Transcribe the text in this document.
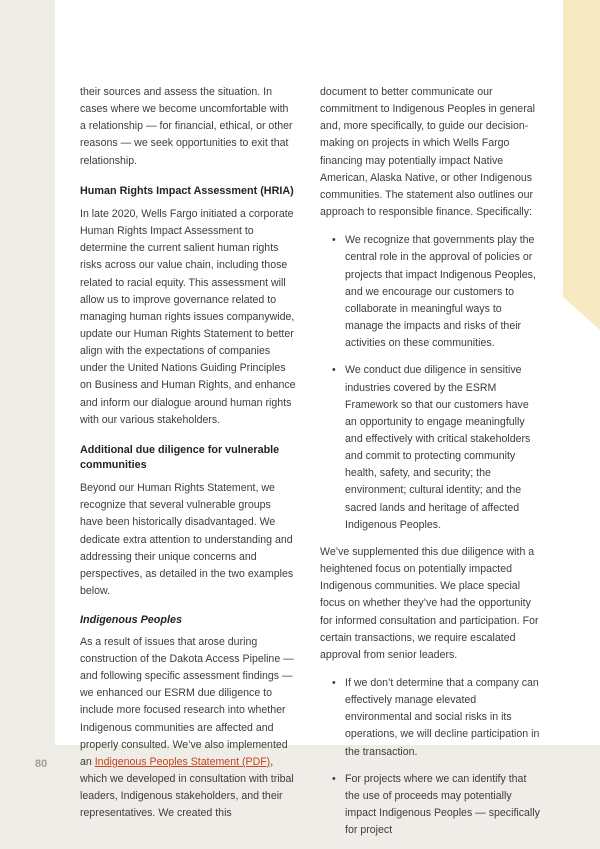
their sources and assess the situation. In cases where we become uncomfortable with a relationship — for financial, ethical, or other reasons — we seek opportunities to exit that relationship.

Human Rights Impact Assessment (HRIA)

In late 2020, Wells Fargo initiated a corporate Human Rights Impact Assessment to determine the current salient human rights risks across our value chain, including those related to racial equity. This assessment will allow us to improve governance related to managing human rights issues companywide, update our Human Rights Statement to better align with the expectations of companies under the United Nations Guiding Principles on Business and Human Rights, and enhance and inform our dialogue around human rights with our various stakeholders.

Additional due diligence for vulnerable communities

Beyond our Human Rights Statement, we recognize that several vulnerable groups have been historically disadvantaged. We dedicate extra attention to understanding and addressing their unique concerns and perspectives, as detailed in the two examples below.

Indigenous Peoples

As a result of issues that arose during construction of the Dakota Access Pipeline — and following specific assessment findings — we enhanced our ESRM due diligence to include more focused research into whether Indigenous communities are affected and properly consulted. We’ve also implemented an Indigenous Peoples Statement (PDF), which we developed in consultation with tribal leaders, Indigenous stakeholders, and their representatives. We created this

document to better communicate our commitment to Indigenous Peoples in general and, more specifically, to guide our decision-making on projects in which Wells Fargo financing may potentially impact Native American, Alaska Native, or other Indigenous communities. The statement also outlines our approach to responsible finance. Specifically:

• We recognize that governments play the central role in the approval of policies or projects that impact Indigenous Peoples, and we encourage our customers to collaborate in meaningful ways to manage the impacts and risks of their activities on these communities.
• We conduct due diligence in sensitive industries covered by the ESRM Framework so that our customers have an opportunity to engage meaningfully and effectively with critical stakeholders and commit to protecting community health, safety, and security; the environment; cultural identity; and the sacred lands and heritage of affected Indigenous Peoples.

We’ve supplemented this due diligence with a heightened focus on potentially impacted Indigenous communities. We place special focus on whether they’ve had the opportunity for informed consultation and participation. For certain transactions, we require escalated approval from senior leaders.

• If we don’t determine that a company can effectively manage elevated environmental and social risks in its operations, we will decline participation in the transaction.
• For projects where we can identify that the use of proceeds may potentially impact Indigenous Peoples — specifically for project
80
